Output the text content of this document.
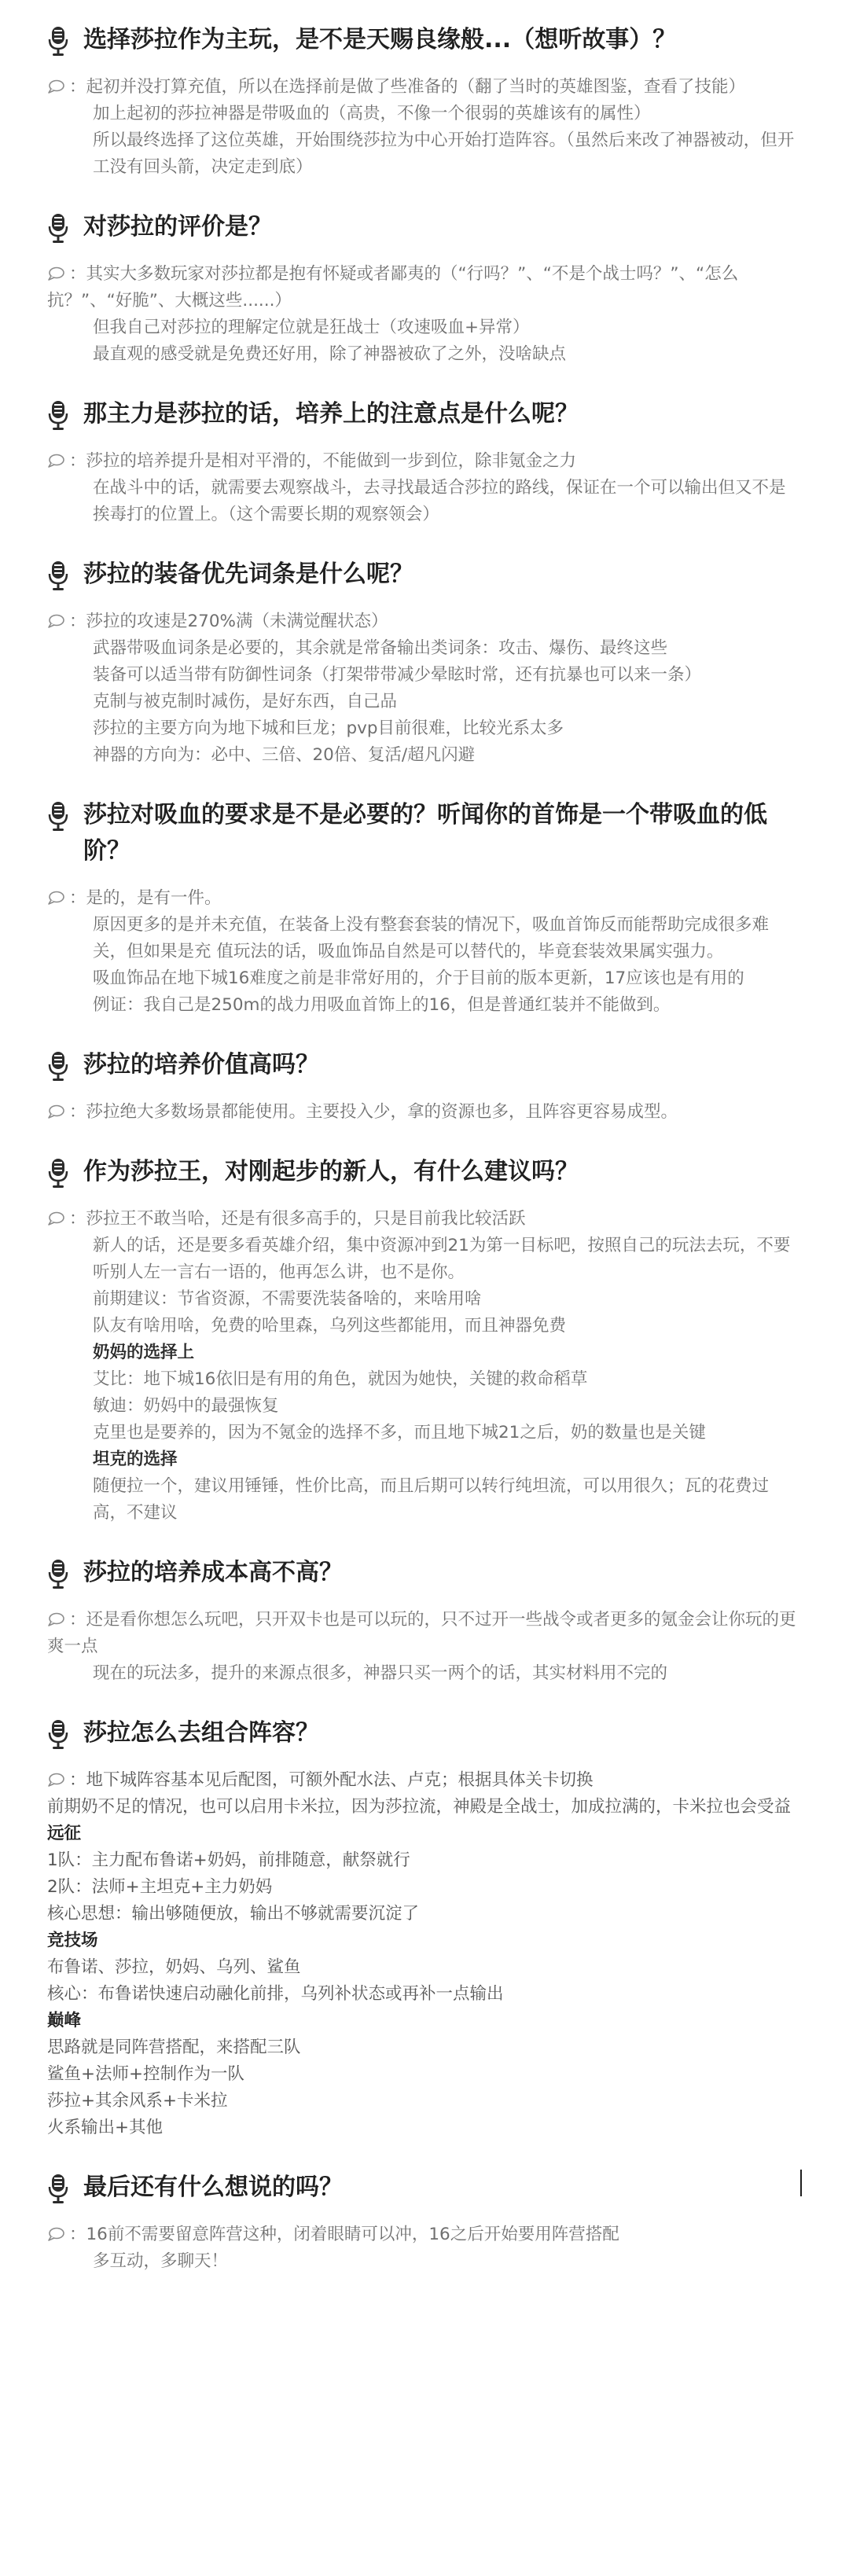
选择莎拉作为主玩，是不是天赐良缘般...（想听故事）？
：起初并没打算充值，所以在选择前是做了些准备的（翻了当时的英雄图鉴，查看了技能）
加上起初的莎拉神器是带吸血的（高贵，不像一个很弱的英雄该有的属性）
所以最终选择了这位英雄，开始围绕莎拉为中心开始打造阵容。（虽然后来改了神器被动，但开工没有回头箭，决定走到底）
对莎拉的评价是？
：其实大多数玩家对莎拉都是抱有怀疑或者鄙夷的（“行吗？”、“不是个战士吗？”、“怎么抗？”、“好脆”、大概这些......）
但我自己对莎拉的理解定位就是狂战士（攻速吸血+异常）
最直观的感受就是免费还好用，除了神器被砍了之外，没啥缺点
那主力是莎拉的话，培养上的注意点是什么呢？
：莎拉的培养提升是相对平滑的，不能做到一步到位，除非氪金之力
在战斗中的话，就需要去观察战斗，去寻找最适合莎拉的路线，保证在一个可以输出但又不是挨毒打的位置上。（这个需要长期的观察领会）
莎拉的装备优先词条是什么呢？
：莎拉的攻速是270%满（未满觉醒状态）
武器带吸血词条是必要的，其余就是常备输出类词条：攻击、爆伤、最终这些
装备可以适当带有防御性词条（打架带带减少晕眩时常，还有抗暴也可以来一条）
克制与被克制时减伤，是好东西，自己品
莎拉的主要方向为地下城和巨龙；pvp目前很难，比较光系太多
神器的方向为：必中、三倍、20倍、复活/超凡闪避
莎拉对吸血的要求是不是必要的？听闻你的首饰是一个带吸血的低阶？
：是的，是有一件。
原因更多的是并未充值，在装备上没有整套套装的情况下，吸血首饰反而能帮助完成很多难关，但如果是充 值玩法的话，吸血饰品自然是可以替代的，毕竟套装效果属实强力。
吸血饰品在地下城16难度之前是非常好用的，介于目前的版本更新，17应该也是有用的
例证：我自己是250m的战力用吸血首饰上的16，但是普通红装并不能做到。
莎拉的培养价值高吗？
：莎拉绝大多数场景都能使用。主要投入少，拿的资源也多，且阵容更容易成型。
作为莎拉王，对刚起步的新人，有什么建议吗？
：莎拉王不敢当哈，还是有很多高手的，只是目前我比较活跃
新人的话，还是要多看英雄介绍，集中资源冲到21为第一目标吧，按照自己的玩法去玩，不要听别人左一言右一语的，他再怎么讲，也不是你。
前期建议：节省资源，不需要洗装备啥的，来啥用啥
队友有啥用啥，免费的哈里森，乌列这些都能用，而且神器免费
奶妈的选择上
艾比：地下城16依旧是有用的角色，就因为她快，关键的救命稻草
敏迪：奶妈中的最强恢复
克里也是要养的，因为不氪金的选择不多，而且地下城21之后，奶的数量也是关键
坦克的选择
随便拉一个，建议用锤锤，性价比高，而且后期可以转行纯坦流，可以用很久；瓦的花费过高，不建议
莎拉的培养成本高不高？
：还是看你想怎么玩吧，只开双卡也是可以玩的，只不过开一些战令或者更多的氪金会让你玩的更爽一点
现在的玩法多，提升的来源点很多，神器只买一两个的话，其实材料用不完的
莎拉怎么去组合阵容？
：地下城阵容基本见后配图，可额外配水法、卢克；根据具体关卡切换
前期奶不足的情况，也可以启用卡米拉，因为莎拉流，神殿是全战士，加成拉满的，卡米拉也会受益
远征
1队：主力配布鲁诺+奶妈，前排随意，献祭就行
2队：法师+主坦克+主力奶妈
核心思想：输出够随便放，输出不够就需要沉淀了
竞技场
布鲁诺、莎拉，奶妈、乌列、鲨鱼
核心：布鲁诺快速启动融化前排，乌列补状态或再补一点输出
巅峰
思路就是同阵营搭配，来搭配三队
鲨鱼+法师+控制作为一队
莎拉+其余风系+卡米拉
火系输出+其他
最后还有什么想说的吗？
：16前不需要留意阵营这种，闭着眼睛可以冲，16之后开始要用阵营搭配
多互动，多聊天！
